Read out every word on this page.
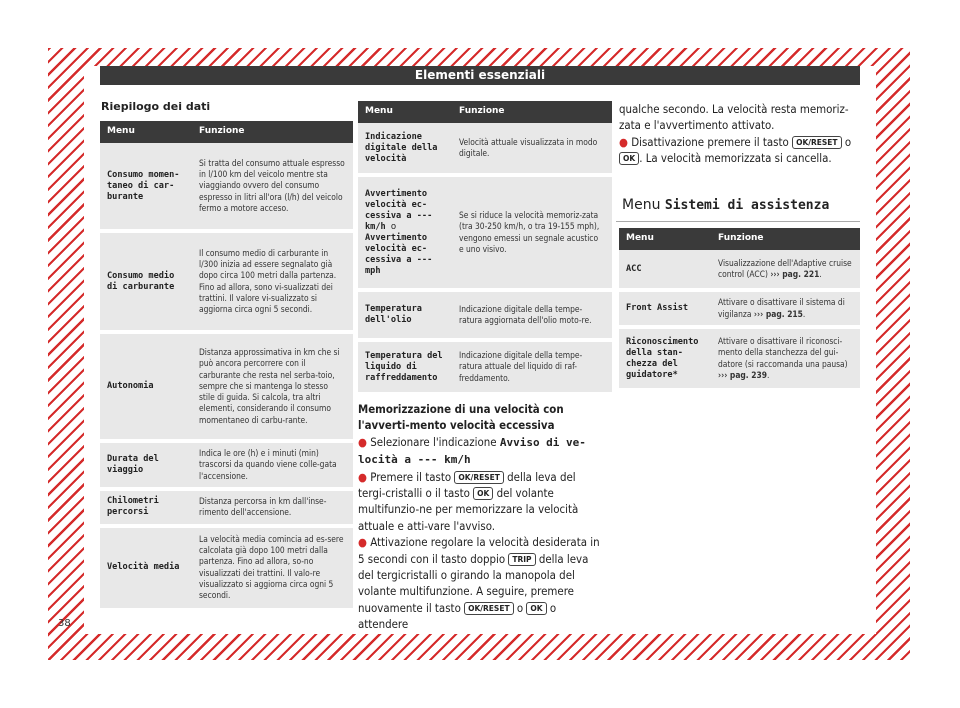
Elementi essenziali
Riepilogo dei dati
Menu	Funzione
Consumo momen-taneo di car-burante	Si tratta del consumo attuale espresso in l/100 km del veicolo mentre sta viaggiando ovvero del consumo espresso in litri all'ora (l/h) del veicolo fermo a motore acceso.
Consumo medio di carburante	Il consumo medio di carburante in l/300 inizia ad essere segnalato già dopo circa 100 metri dalla partenza. Fino ad allora, sono vi-sualizzati dei trattini. Il valore vi-sualizzato si aggiorna circa ogni 5 secondi.
Autonomia	Distanza approssimativa in km che si può ancora percorrere con il carburante che resta nel serba-toio, sempre che si mantenga lo stesso stile di guida. Si calcola, tra altri elementi, considerando il consumo momentaneo di carbu-rante.
Durata del viaggio	Indica le ore (h) e i minuti (min) trascorsi da quando viene colle-gata l'accensione.
Chilometri percorsi	Distanza percorsa in km dall'inse-rimento dell'accensione.
Velocità media	La velocità media comincia ad es-sere calcolata già dopo 100 metri dalla partenza. Fino ad allora, so-no visualizzati dei trattini. Il valo-re visualizzato si aggiorna circa ogni 5 secondi.
38
Menu	Funzione
Indicazione digitale della velocità	Velocità attuale visualizzata in modo digitale.
Avvertimento velocità ec-cessiva a --- km/h o
Avvertimento velocità ec-cessiva a --- mph	Se si riduce la velocità memoriz-zata (tra 30-250 km/h, o tra 19-155 mph), vengono emessi un segnale acustico e uno visivo.
Temperatura dell'olio	Indicazione digitale della tempe-ratura aggiornata dell'olio moto-re.
Temperatura del liquido di raffreddamento	Indicazione digitale della tempe-ratura attuale del liquido di raf-freddamento.
Memorizzazione di una velocità con l'avverti-mento velocità eccessiva
● Selezionare l'indicazione Avviso di ve-locità a --- km/h
● Premere il tasto OK/RESET della leva del tergi-cristalli o il tasto OK del volante multifunzio-ne per memorizzare la velocità attuale e atti-vare l'avviso.
● Attivazione regolare la velocità desiderata in 5 secondi con il tasto doppio TRIP della leva del tergicristalli o girando la manopola del volante multifunzione. A seguire, premere nuovamente il tasto OK/RESET o OK o attendere
qualche secondo. La velocità resta memoriz-zata e l'avvertimento attivato.
● Disattivazione premere il tasto OK/RESET o OK . La velocità memorizzata si cancella.
Menu Sistemi di assistenza
Menu	Funzione
ACC	Visualizzazione dell'Adaptive cruise control (ACC) ››› pag. 221.
Front Assist	Attivare o disattivare il sistema di vigilanza ››› pag. 215.
Riconoscimento della stan-chezza del guidatore*	Attivare o disattivare il riconosci-mento della stanchezza del gui-datore (si raccomanda una pausa) ››› pag. 239.
